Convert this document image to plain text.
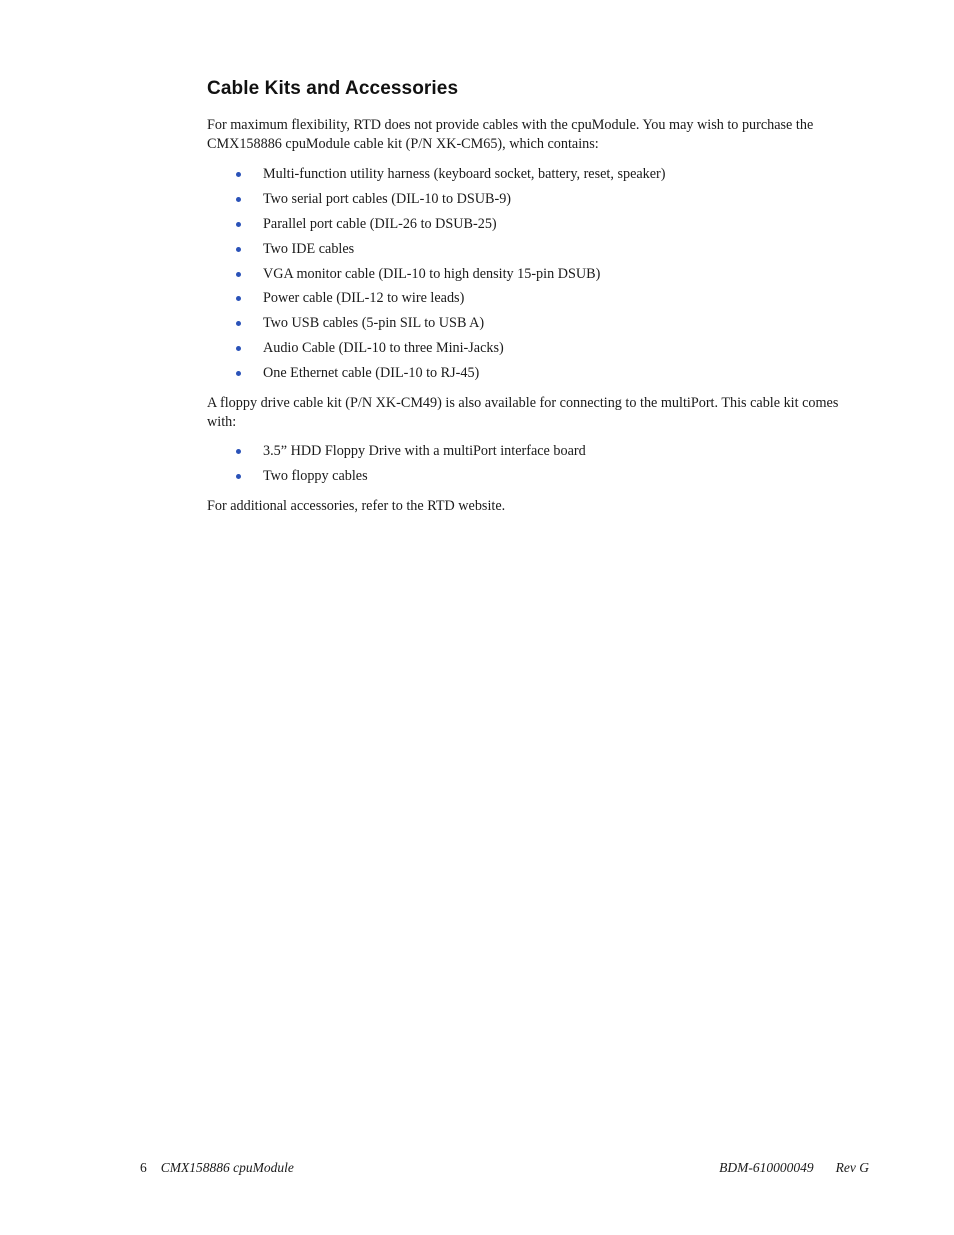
Cable Kits and Accessories

For maximum flexibility, RTD does not provide cables with the cpuModule. You may wish to purchase the CMX158886 cpuModule cable kit (P/N XK-CM65), which contains:

Multi-function utility harness (keyboard socket, battery, reset, speaker)
Two serial port cables (DIL-10 to DSUB-9)
Parallel port cable (DIL-26 to DSUB-25)
Two IDE cables
VGA monitor cable (DIL-10 to high density 15-pin DSUB)
Power cable (DIL-12 to wire leads)
Two USB cables (5-pin SIL to USB A)
Audio Cable (DIL-10 to three Mini-Jacks)
One Ethernet cable (DIL-10 to RJ-45)

A floppy drive cable kit (P/N XK-CM49) is also available for connecting to the multiPort. This cable kit comes with:

3.5” HDD Floppy Drive with a multiPort interface board
Two floppy cables

For additional accessories, refer to the RTD website.

6 CMX158886 cpuModule	BDM-610000049 Rev G
